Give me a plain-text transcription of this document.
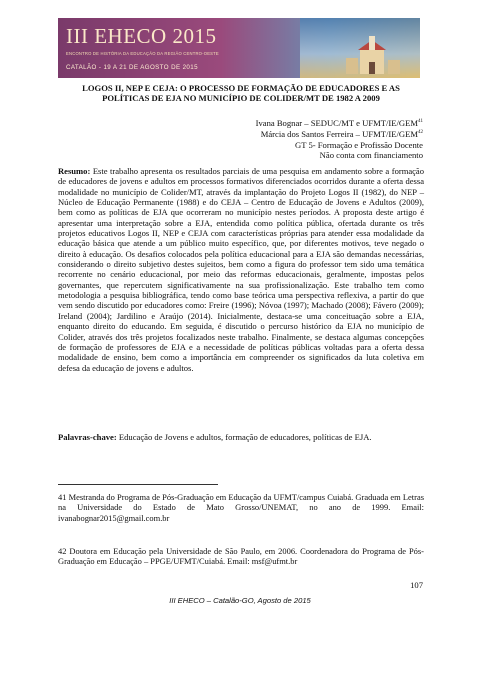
III EHECO 2015
ENCONTRO DE HISTÓRIA DA EDUCAÇÃO DA REGIÃO CENTRO-OESTE
CATALÃO - 19 A 21 DE AGOSTO DE 2015
LOGOS II, NEP E CEJA: O PROCESSO DE FORMAÇÃO DE EDUCADORES E AS POLÍTICAS DE EJA NO MUNICÍPIO DE COLIDER/MT DE 1982 A 2009
Ivana Bognar – SEDUC/MT e UFMT/IE/GEM$^{41}$
Márcia dos Santos Ferreira – UFMT/IE/GEM$^{42}$
GT 5- Formação e Profissão Docente
Não conta com financiamento
Resumo: Este trabalho apresenta os resultados parciais de uma pesquisa em andamento sobre a formação de educadores de jovens e adultos em processos formativos diferenciados ocorridos durante a oferta dessa modalidade no município de Colider/MT, através da implantação do Projeto Logos II (1982), do NEP – Núcleo de Educação Permanente (1988) e do CEJA – Centro de Educação de Jovens e Adultos (2009), bem como as políticas de EJA que ocorreram no município nestes períodos. A proposta deste artigo é apresentar uma interpretação sobre a EJA, entendida como política pública, ofertada durante os três projetos educativos Logos II, NEP e CEJA com características próprias para atender essa modalidade da educação básica que atende a um público muito específico, que, por diferentes motivos, teve negado o direito à educação. Os desafios colocados pela política educacional para a EJA são demandas necessárias, considerando o direito subjetivo destes sujeitos, bem como a figura do professor tem sido uma temática recorrente no cenário educacional, por meio das reformas educacionais, geralmente, impostas pelos governantes, que repercutem significativamente na sua profissionalização. Este trabalho tem como metodologia a pesquisa bibliográfica, tendo como base teórica uma perspectiva reflexiva, a partir do que vem sendo discutido por educadores como: Freire (1996); Nóvoa (1997); Machado (2008); Fávero (2009); Ireland (2004); Jardilino e Araújo (2014). Inicialmente, destaca-se uma conceituação sobre a EJA, enquanto direito do educando. Em seguida, é discutido o percurso histórico da EJA no município de Colider, através dos três projetos focalizados neste trabalho. Finalmente, se destaca algumas concepções de formação de professores de EJA e a necessidade de políticas públicas voltadas para a oferta dessa modalidade de ensino, bem como a importância em compreender os significados da luta coletiva em defesa da educação de jovens e adultos.
Palavras-chave: Educação de Jovens e adultos, formação de educadores, políticas de EJA.
41 Mestranda do Programa de Pós-Graduação em Educação da UFMT/campus Cuiabá. Graduada em Letras na Universidade do Estado de Mato Grosso/UNEMAT, no ano de 1999. Email: ivanabognar2015@gmail.com.br
42 Doutora em Educação pela Universidade de São Paulo, em 2006. Coordenadora do Programa de Pós-Graduação em Educação – PPGE/UFMT/Cuiabá. Email: msf@ufmt.br
107
III EHECO – Catalão-GO, Agosto de 2015
